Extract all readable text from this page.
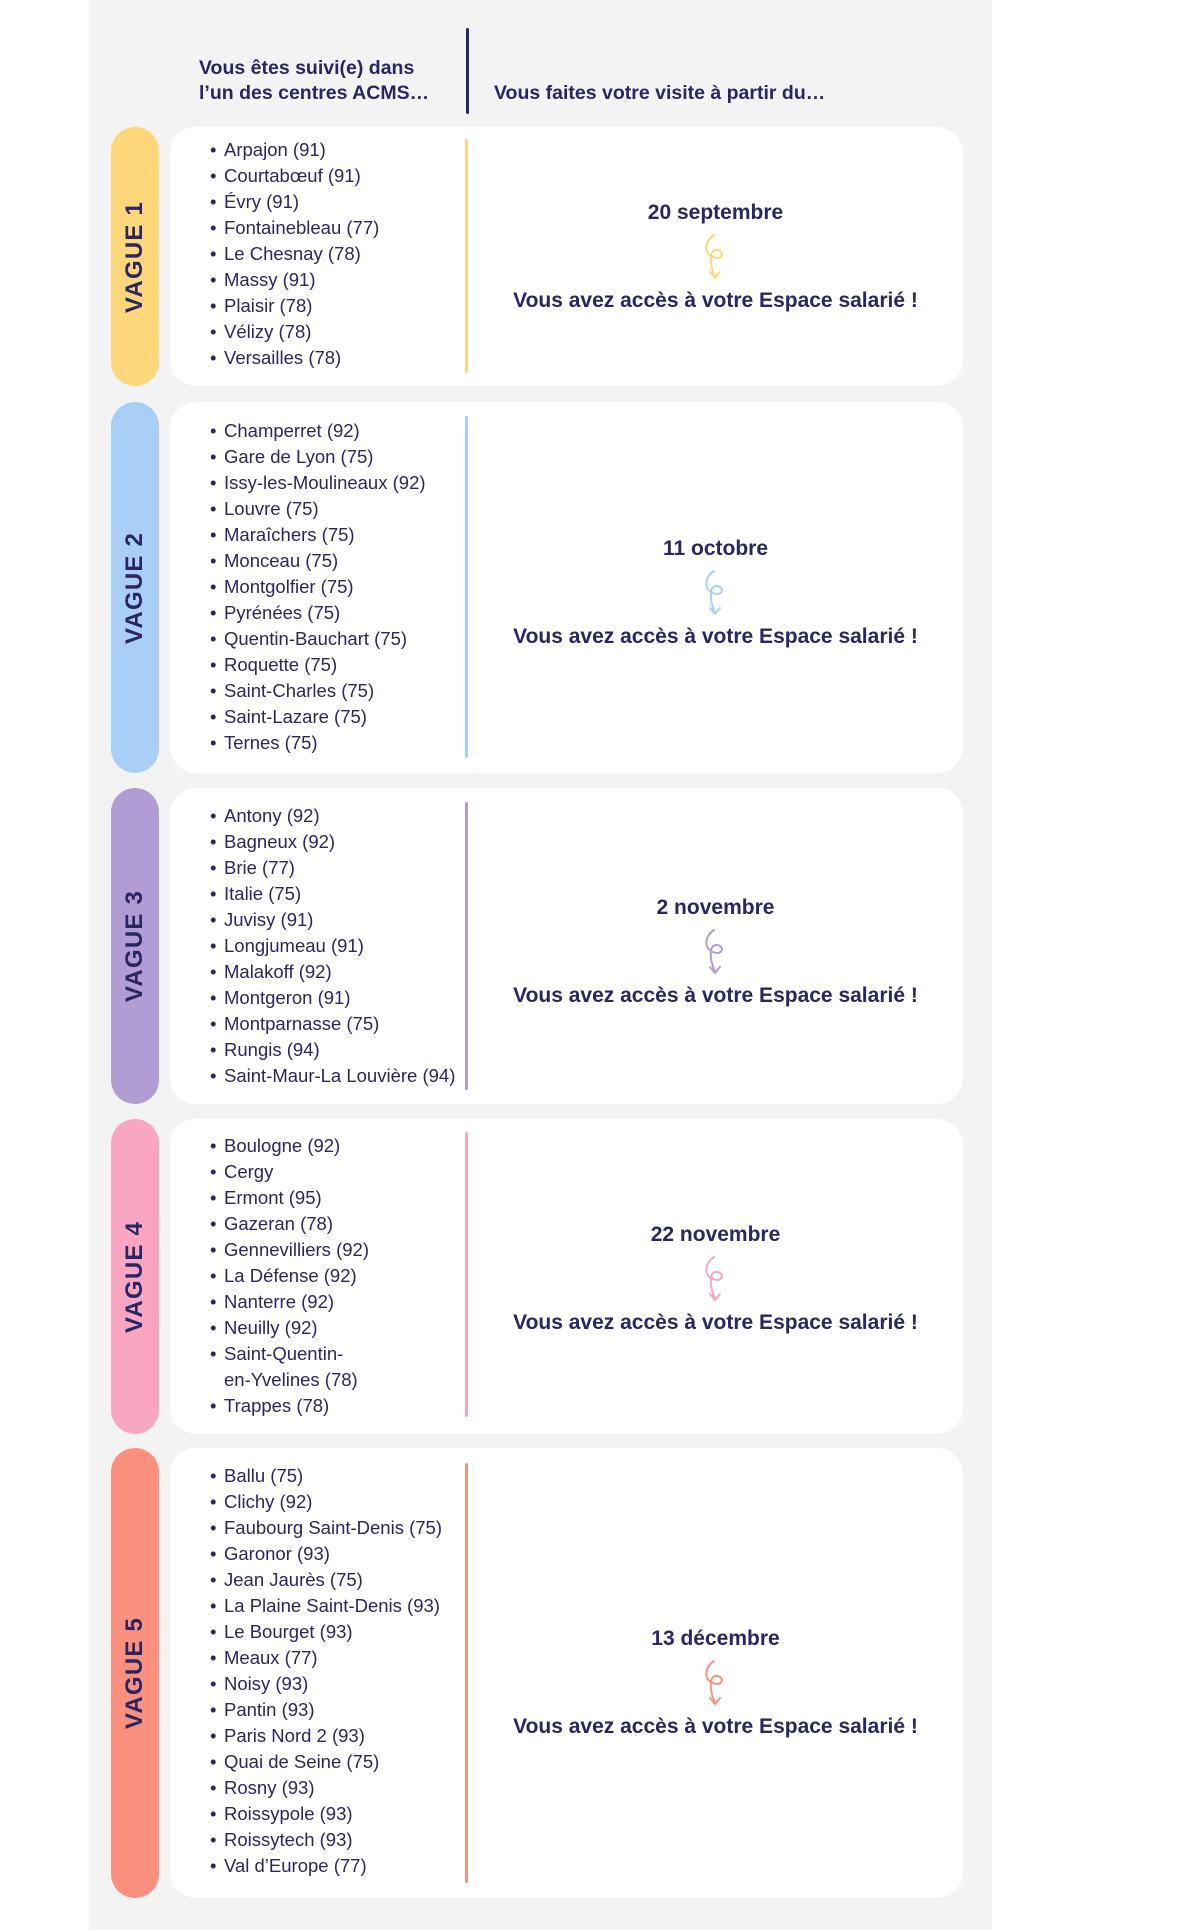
Vous êtes suivi(e) dans
l’un des centres ACMS…	Vous faites votre visite à partir du…
VAGUE 1
• Arpajon (91)
• Courtabœuf (91)
• Évry (91)
• Fontainebleau (77)
• Le Chesnay (78)
• Massy (91)
• Plaisir (78)
• Vélizy (78)
• Versailles (78)
20 septembre
Vous avez accès à votre Espace salarié !
VAGUE 2
• Champerret (92)
• Gare de Lyon (75)
• Issy-les-Moulineaux (92)
• Louvre (75)
• Maraîchers (75)
• Monceau (75)
• Montgolfier (75)
• Pyrénées (75)
• Quentin-Bauchart (75)
• Roquette (75)
• Saint-Charles (75)
• Saint-Lazare (75)
• Ternes (75)
11 octobre
Vous avez accès à votre Espace salarié !
VAGUE 3
• Antony (92)
• Bagneux (92)
• Brie (77)
• Italie (75)
• Juvisy (91)
• Longjumeau (91)
• Malakoff (92)
• Montgeron (91)
• Montparnasse (75)
• Rungis (94)
• Saint-Maur-La Louvière (94)
2 novembre
Vous avez accès à votre Espace salarié !
VAGUE 4
• Boulogne (92)
• Cergy
• Ermont (95)
• Gazeran (78)
• Gennevilliers (92)
• La Défense (92)
• Nanterre (92)
• Neuilly (92)
• Saint-Quentin-
en-Yvelines (78)
• Trappes (78)
22 novembre
Vous avez accès à votre Espace salarié !
VAGUE 5
• Ballu (75)
• Clichy (92)
• Faubourg Saint-Denis (75)
• Garonor (93)
• Jean Jaurès (75)
• La Plaine Saint-Denis (93)
• Le Bourget (93)
• Meaux (77)
• Noisy (93)
• Pantin (93)
• Paris Nord 2 (93)
• Quai de Seine (75)
• Rosny (93)
• Roissypole (93)
• Roissytech (93)
• Val d’Europe (77)
13 décembre
Vous avez accès à votre Espace salarié !
